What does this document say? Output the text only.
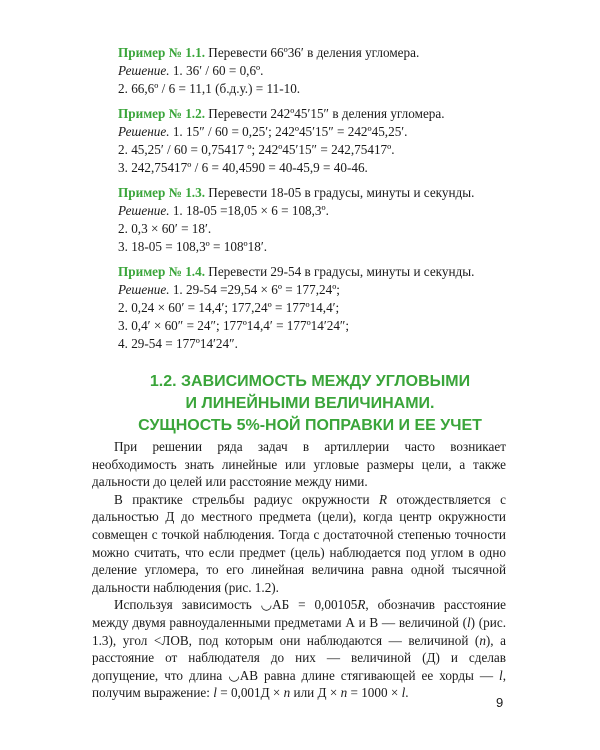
Пример № 1.1. Перевести 66º36′ в деления угломера.

Решение. 1. 36′ / 60 = 0,6º.

2. 66,6º / 6 = 11,1 (б.д.у.) = 11-10.

Пример № 1.2. Перевести 242º45′15″ в деления угломера.

Решение. 1. 15″ / 60 = 0,25′; 242º45′15″ = 242º45,25′.

2. 45,25′ / 60 = 0,75417 º; 242º45′15″ = 242,75417º.

3. 242,75417º / 6 = 40,4590 = 40-45,9 = 40-46.

Пример № 1.3. Перевести 18-05 в градусы, минуты и секунды.

Решение. 1. 18-05 =18,05 × 6 = 108,3º.

2. 0,3 × 60′ = 18′.

3. 18-05 = 108,3º = 108º18′.

Пример № 1.4. Перевести 29-54 в градусы, минуты и секунды.

Решение. 1. 29-54 =29,54 × 6º = 177,24º;

2. 0,24 × 60′ = 14,4′; 177,24º = 177º14,4′;

3. 0,4′ × 60″ = 24″; 177º14,4′ = 177º14′24″;

4. 29-54 = 177º14′24″.

1.2. ЗАВИСИМОСТЬ МЕЖДУ УГЛОВЫМИ
И ЛИНЕЙНЫМИ ВЕЛИЧИНАМИ.
СУЩНОСТЬ 5%-НОЙ ПОПРАВКИ И ЕЕ УЧЕТ

При решении ряда задач в артиллерии часто возникает необходимость знать линейные или угловые размеры цели, а также дальности до целей или расстояние между ними.

В практике стрельбы радиус окружности R отождествляется с дальностью Д до местного предмета (цели), когда центр окружности совмещен с точкой наблюдения. Тогда с достаточной степенью точности можно считать, что если предмет (цель) наблюдается под углом в одно деление угломера, то его линейная величина равна одной тысячной дальности наблюдения (рис. 1.2).

Используя зависимость ◡АБ = 0,00105R, обозначив расстояние между двумя равноудаленными предметами А и В — величиной (l) (рис. 1.3), угол <ЛОВ, под которым они наблюдаются — величиной (n), а расстояние от наблюдателя до них — величиной (Д) и сделав допущение, что длина ◡АВ равна длине стягивающей ее хорды — l, получим выражение: l = 0,001Д × n или Д × n = 1000 × l.

9
